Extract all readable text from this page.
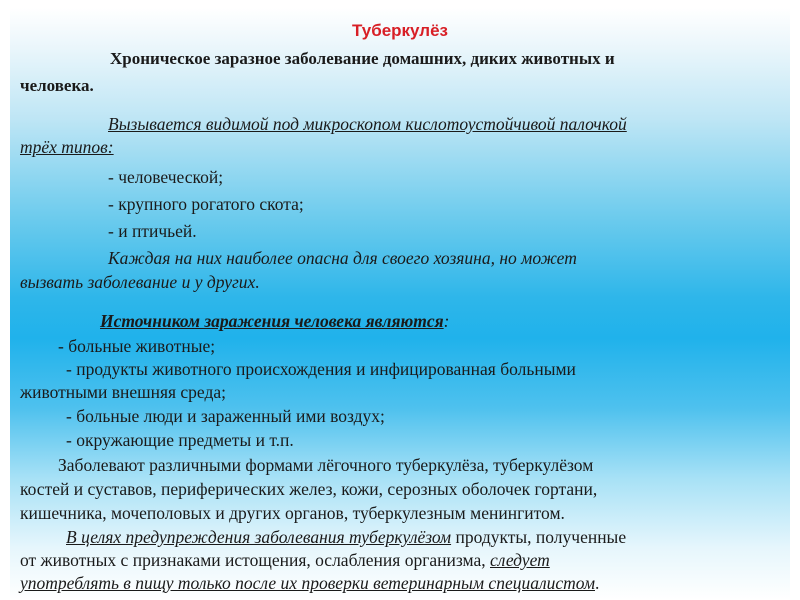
Туберкулёз
Хроническое заразное заболевание домашних, диких животных и
человека.
Вызывается видимой под микроскопом кислотоустойчивой палочкой
трёх типов:
- человеческой;
- крупного рогатого скота;
- и птичьей.
Каждая на них наиболее опасна для своего хозяина, но может
вызвать заболевание и у других.
Источником заражения человека являются:
- больные животные;
- продукты животного происхождения и инфицированная больными
животными внешняя среда;
- больные люди и зараженный ими воздух;
- окружающие предметы и т.п.
Заболевают различными формами лёгочного туберкулёза, туберкулёзом
костей и суставов, периферических желез, кожи, серозных оболочек гортани,
кишечника, мочеполовых и других органов, туберкулезным менингитом.
В целях предупреждения заболевания туберкулёзом продукты, полученные
от животных с признаками истощения, ослабления организма, следует
употреблять в пищу только после их проверки ветеринарным специалистом.
